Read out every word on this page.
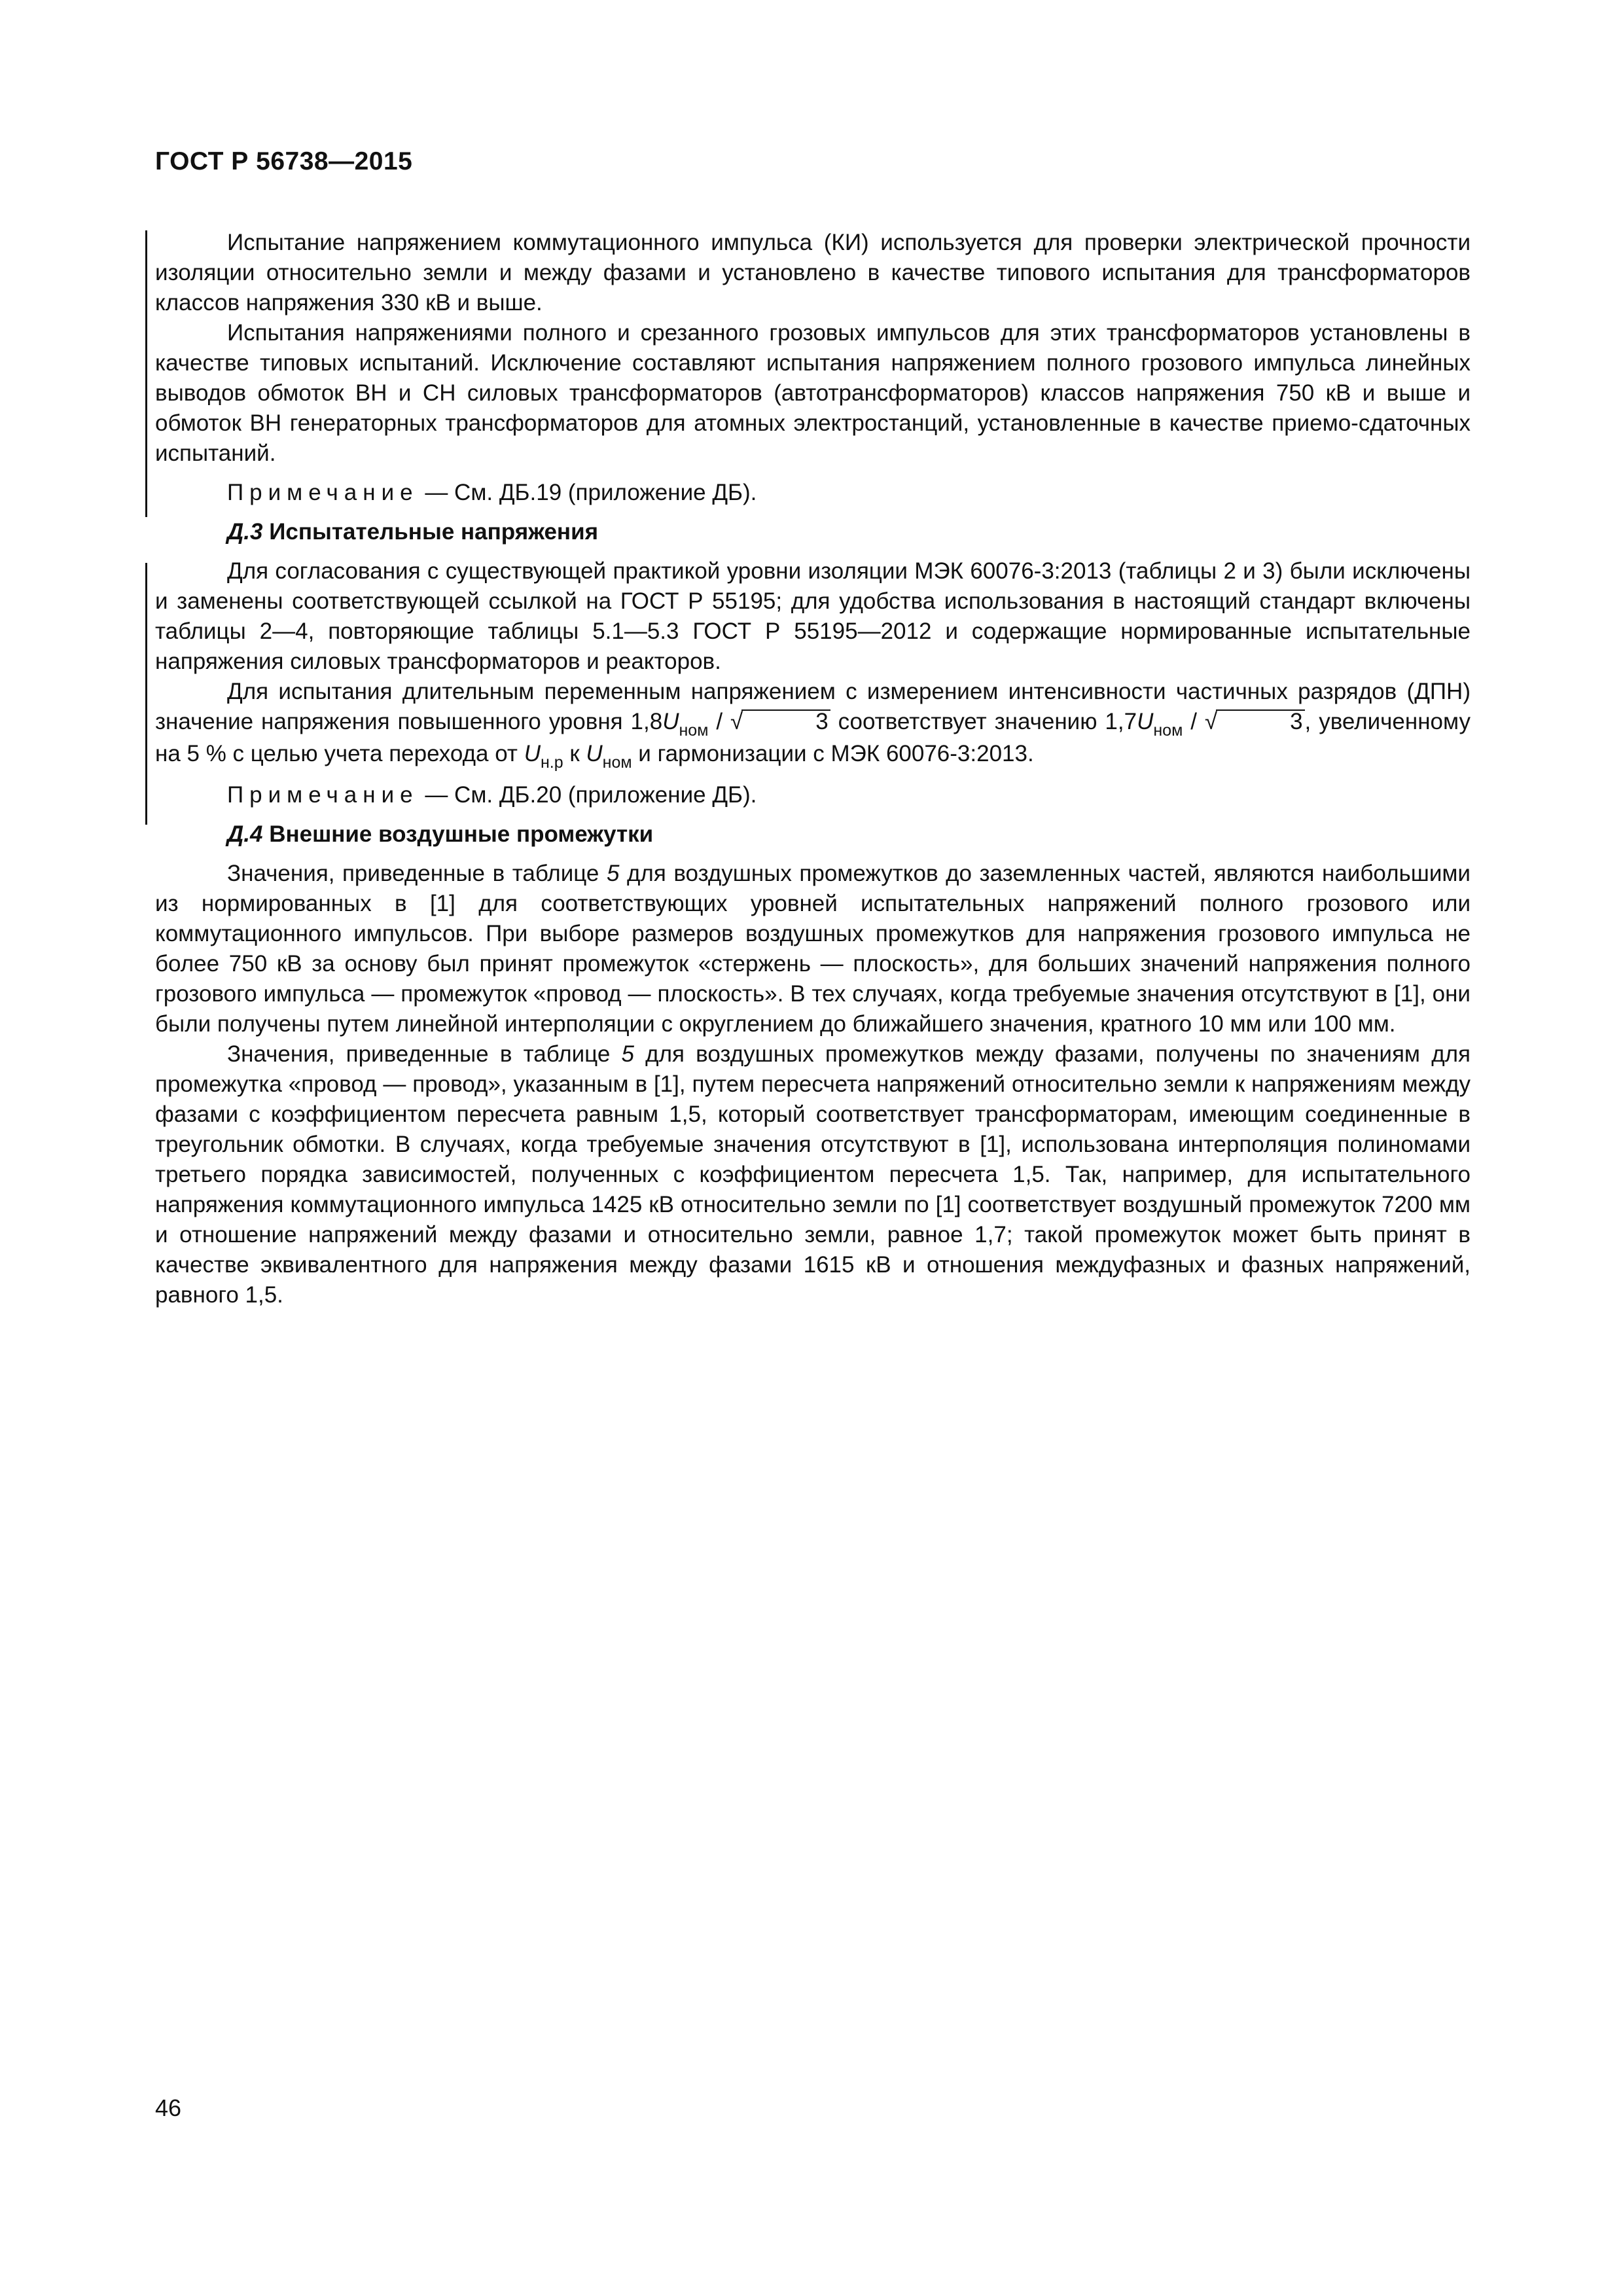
ГОСТ Р 56738—2015

Испытание напряжением коммутационного импульса (КИ) используется для проверки электрической прочности изоляции относительно земли и между фазами и установлено в качестве типового испытания для трансформаторов классов напряжения 330 кВ и выше.

Испытания напряжениями полного и срезанного грозовых импульсов для этих трансформаторов установлены в качестве типовых испытаний. Исключение составляют испытания напряжением полного грозового импульса линейных выводов обмоток ВН и СН силовых трансформаторов (автотрансформаторов) классов напряжения 750 кВ и выше и обмоток ВН генераторных трансформаторов для атомных электростанций, установленные в качестве приемо-сдаточных испытаний.

Примечание — См. ДБ.19 (приложение ДБ).

Д.3 Испытательные напряжения

Для согласования с существующей практикой уровни изоляции МЭК 60076-3:2013 (таблицы 2 и 3) были исключены и заменены соответствующей ссылкой на ГОСТ Р 55195; для удобства использования в настоящий стандарт включены таблицы 2—4, повторяющие таблицы 5.1—5.3 ГОСТ Р 55195—2012 и содержащие нормированные испытательные напряжения силовых трансформаторов и реакторов.

Для испытания длительным переменным напряжением с измерением интенсивности частичных разрядов (ДПН) значение напряжения повышенного уровня $1,8U_{ном}$ / √	3 соответствует значению $1,7U_{ном}$ / √	3, увеличенному на 5 % с целью учета перехода от $U_{н.р}$ к $U_{ном}$ и гармонизации с МЭК 60076-3:2013.

Примечание — См. ДБ.20 (приложение ДБ).

Д.4 Внешние воздушные промежутки

Значения, приведенные в таблице 5 для воздушных промежутков до заземленных частей, являются наибольшими из нормированных в [1] для соответствующих уровней испытательных напряжений полного грозового или коммутационного импульсов. При выборе размеров воздушных промежутков для напряжения грозового импульса не более 750 кВ за основу был принят промежуток «стержень — плоскость», для больших значений напряжения полного грозового импульса — промежуток «провод — плоскость». В тех случаях, когда требуемые значения отсутствуют в [1], они были получены путем линейной интерполяции с округлением до ближайшего значения, кратного 10 мм или 100 мм.

Значения, приведенные в таблице 5 для воздушных промежутков между фазами, получены по значениям для промежутка «провод — провод», указанным в [1], путем пересчета напряжений относительно земли к напряжениям между фазами с коэффициентом пересчета равным 1,5, который соответствует трансформаторам, имеющим соединенные в треугольник обмотки. В случаях, когда требуемые значения отсутствуют в [1], использована интерполяция полиномами третьего порядка зависимостей, полученных с коэффициентом пересчета 1,5. Так, например, для испытательного напряжения коммутационного импульса 1425 кВ относительно земли по [1] соответствует воздушный промежуток 7200 мм и отношение напряжений между фазами и относительно земли, равное 1,7; такой промежуток может быть принят в качестве эквивалентного для напряжения между фазами 1615 кВ и отношения междуфазных и фазных напряжений, равного 1,5.

46
